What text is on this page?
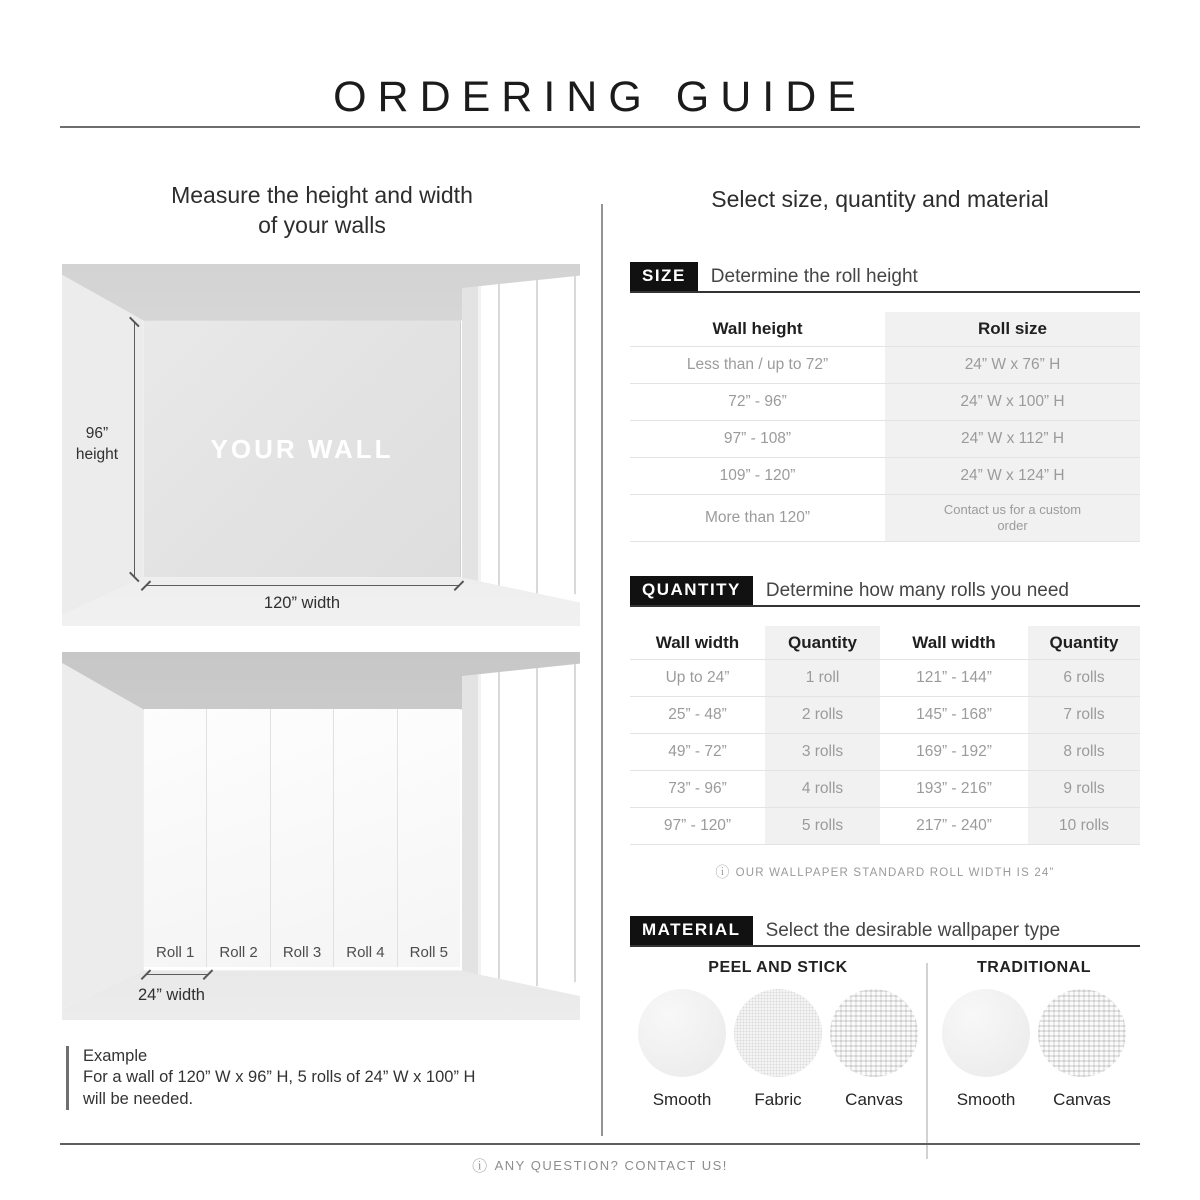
ORDERING GUIDE
Measure the height and width
of your walls
YOUR WALL
96”
height
120” width
Roll 1	Roll 2	Roll 3	Roll 4	Roll 5
24” width
Example
For a wall of 120” W x 96” H, 5 rolls of 24” W x 100” H
will be needed.
Select size, quantity and material
SIZE	Determine the roll height
Wall height	Roll size
Less than / up to 72”	24” W x 76” H
72” - 96”	24” W x 100” H
97” - 108”	24” W x 112” H
109” - 120”	24” W x 124” H
More than 120”	Contact us for a custom order
QUANTITY	Determine how many rolls you need
Wall width	Quantity	Wall width	Quantity
Up to 24”	1 roll	121” - 144”	6 rolls
25” - 48”	2 rolls	145” - 168”	7 rolls
49” - 72”	3 rolls	169” - 192”	8 rolls
73” - 96”	4 rolls	193” - 216”	9 rolls
97” - 120”	5 rolls	217” - 240”	10 rolls
ⓘ OUR WALLPAPER STANDARD ROLL WIDTH IS 24”
MATERIAL	Select the desirable wallpaper type
PEEL AND STICK
Smooth	Fabric	Canvas
TRADITIONAL
Smooth Canvas
ⓘ ANY QUESTION? CONTACT US!
